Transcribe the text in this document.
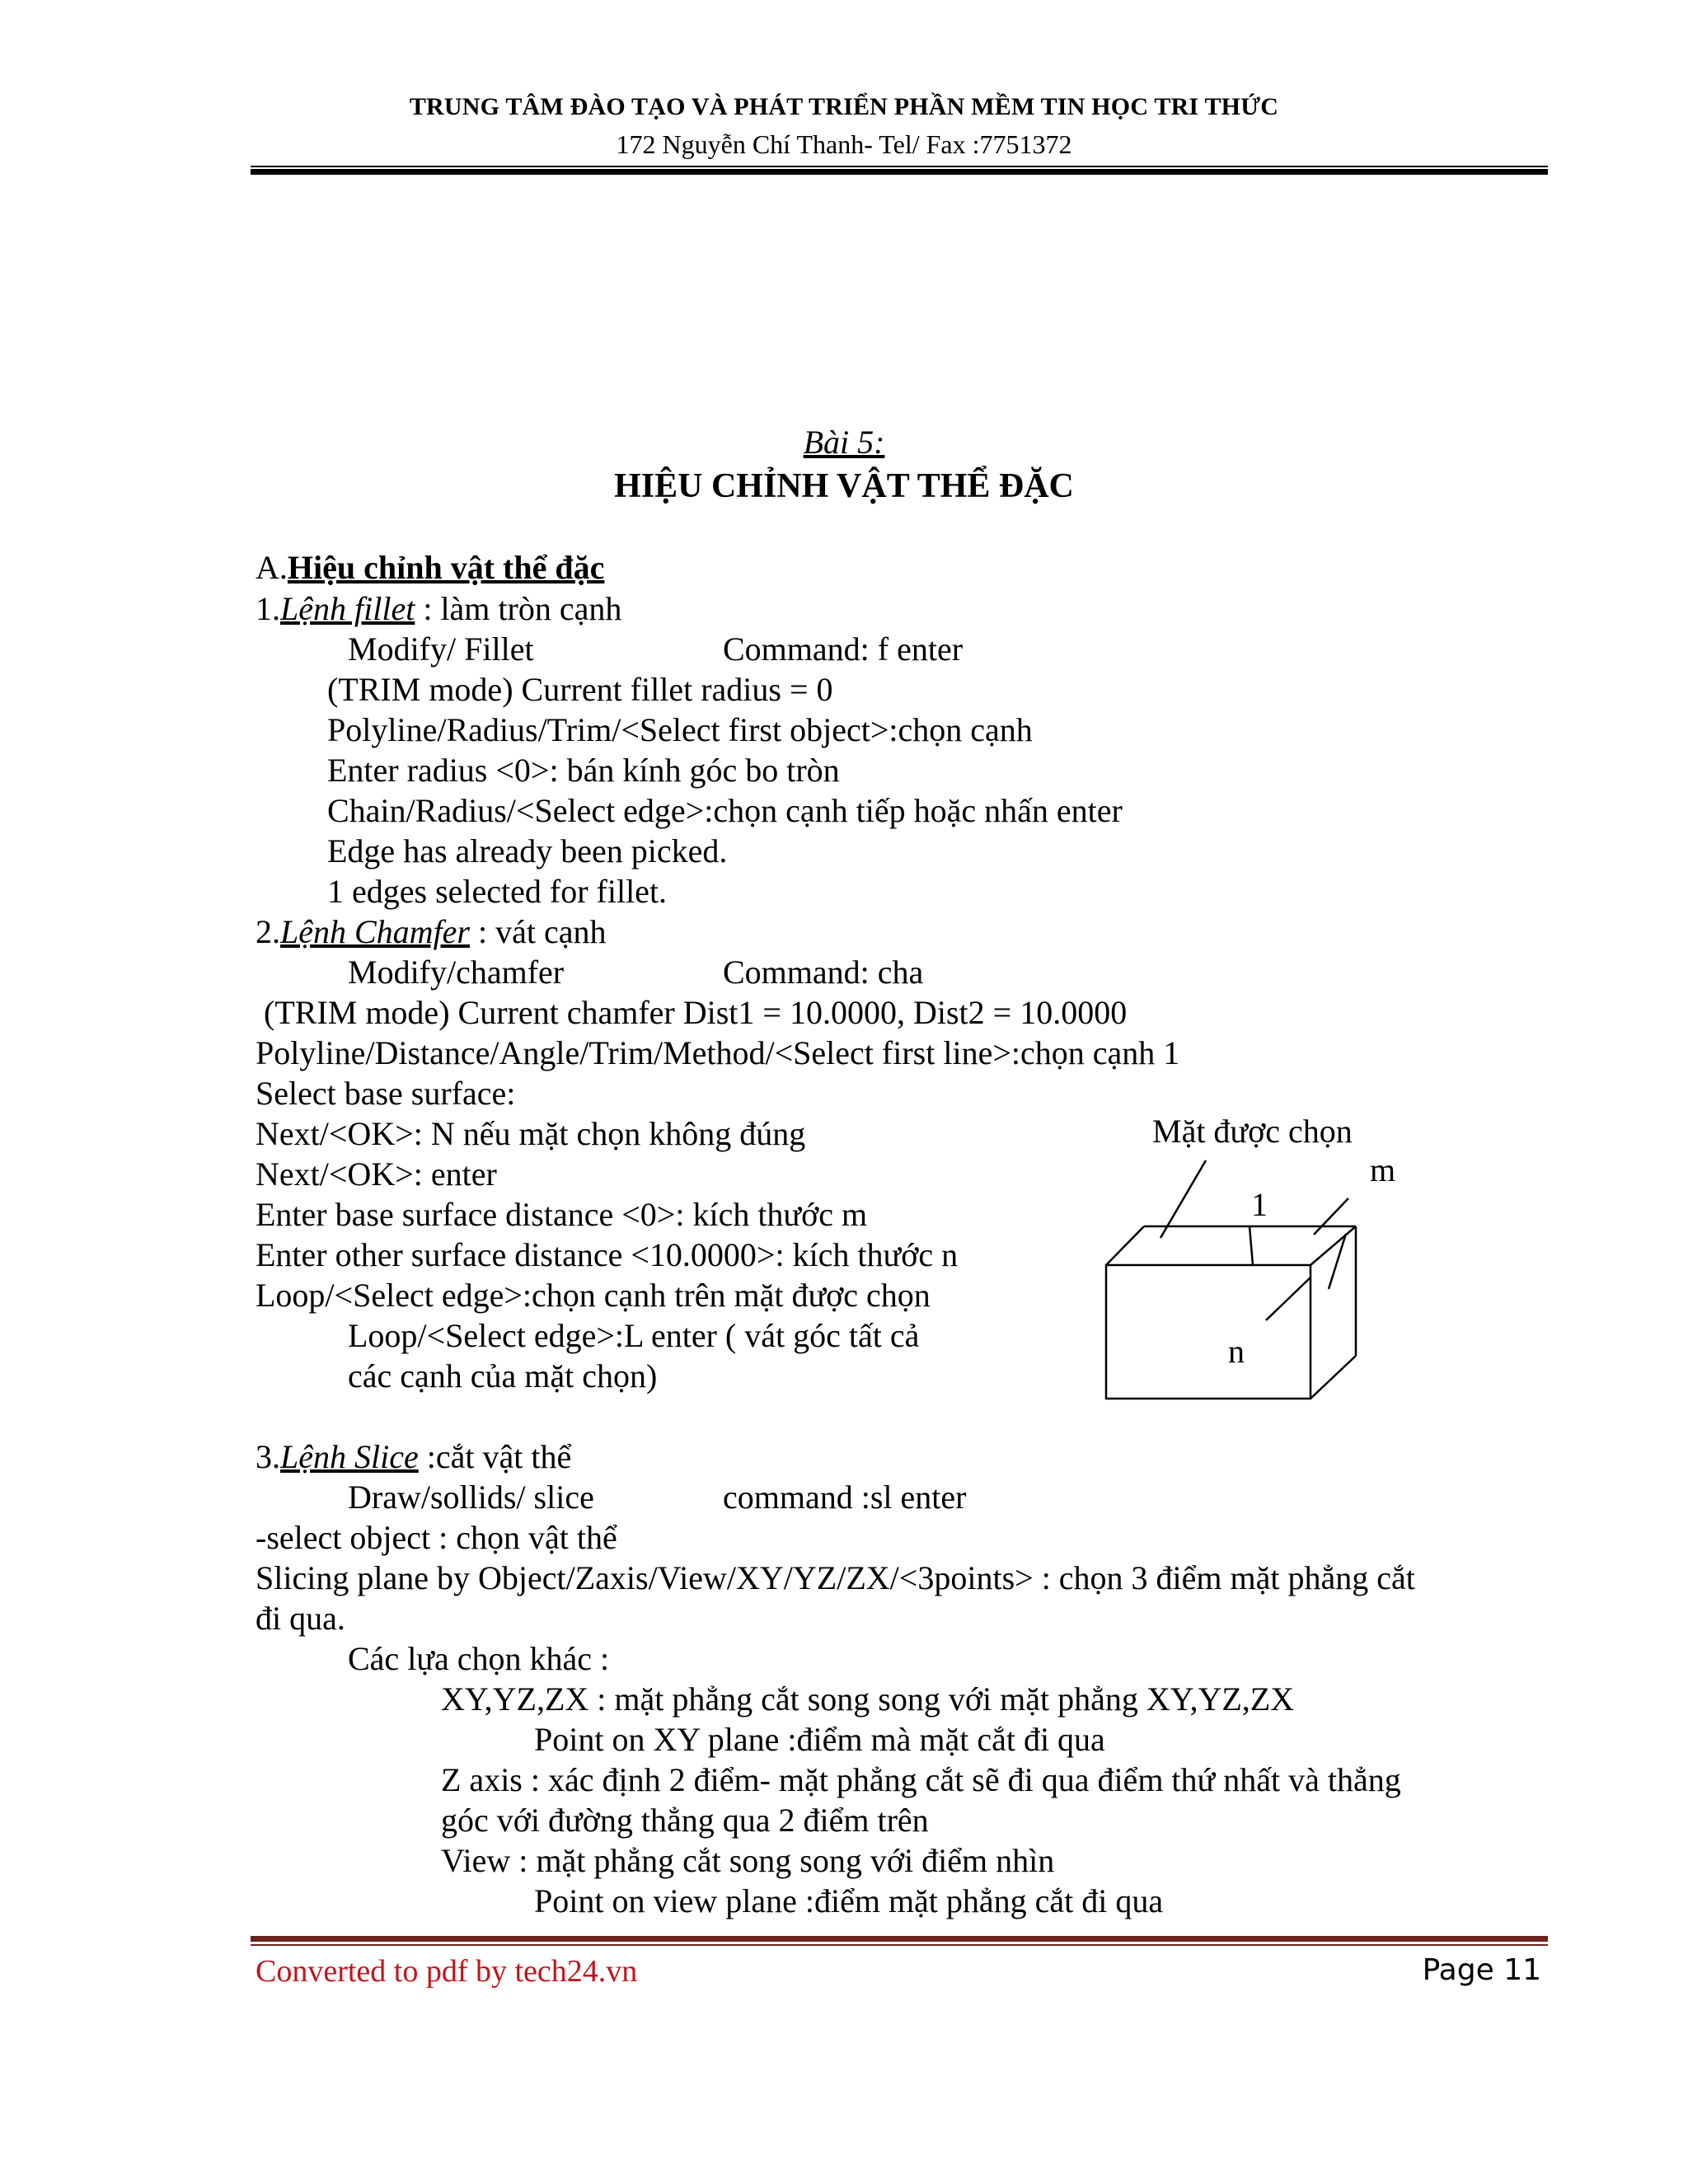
TRUNG TÂM ĐÀO TẠO VÀ PHÁT TRIỂN PHẦN MỀM TIN HỌC TRI THỨC
172 Nguyễn Chí Thanh- Tel/ Fax :7751372
Bài 5:
HIỆU CHỈNH VẬT THỂ ĐẶC
A.Hiệu chỉnh vật thể đặc
1.Lệnh fillet : làm tròn cạnh
Modify/ Fillet	Command: f enter
(TRIM mode) Current fillet radius = 0
Polyline/Radius/Trim/<Select first object>:chọn cạnh
Enter radius <0>: bán kính góc bo tròn
Chain/Radius/<Select edge>:chọn cạnh tiếp hoặc nhấn enter
Edge has already been picked.
1 edges selected for fillet.
2.Lệnh Chamfer : vát cạnh
Modify/chamfer	Command: cha
(TRIM mode) Current chamfer Dist1 = 10.0000, Dist2 = 10.0000
Polyline/Distance/Angle/Trim/Method/<Select first line>:chọn cạnh 1
Select base surface:
Next/<OK>: N nếu mặt chọn không đúng
Next/<OK>: enter
Enter base surface distance <0>: kích thước m
Enter other surface distance <10.0000>: kích thước n
Loop/<Select edge>:chọn cạnh trên mặt được chọn
Loop/<Select edge>:L enter ( vát góc tất cả
các cạnh của mặt chọn)
Mặt được chọn
m
1
n
3.Lệnh Slice :cắt vật thể
Draw/sollids/ slice	command :sl enter
-select object : chọn vật thể
Slicing plane by Object/Zaxis/View/XY/YZ/ZX/<3points> : chọn 3 điểm mặt phẳng cắt
đi qua.
Các lựa chọn khác :
XY,YZ,ZX : mặt phẳng cắt song song với mặt phẳng XY,YZ,ZX
Point on XY plane :điểm mà mặt cắt đi qua
Z axis : xác định 2 điểm- mặt phẳng cắt sẽ đi qua điểm thứ nhất và thẳng
góc với đường thẳng qua 2 điểm trên
View : mặt phẳng cắt song song với điểm nhìn
Point on view plane :điểm mặt phẳng cắt đi qua
Converted to pdf by tech24.vn	Page 11
